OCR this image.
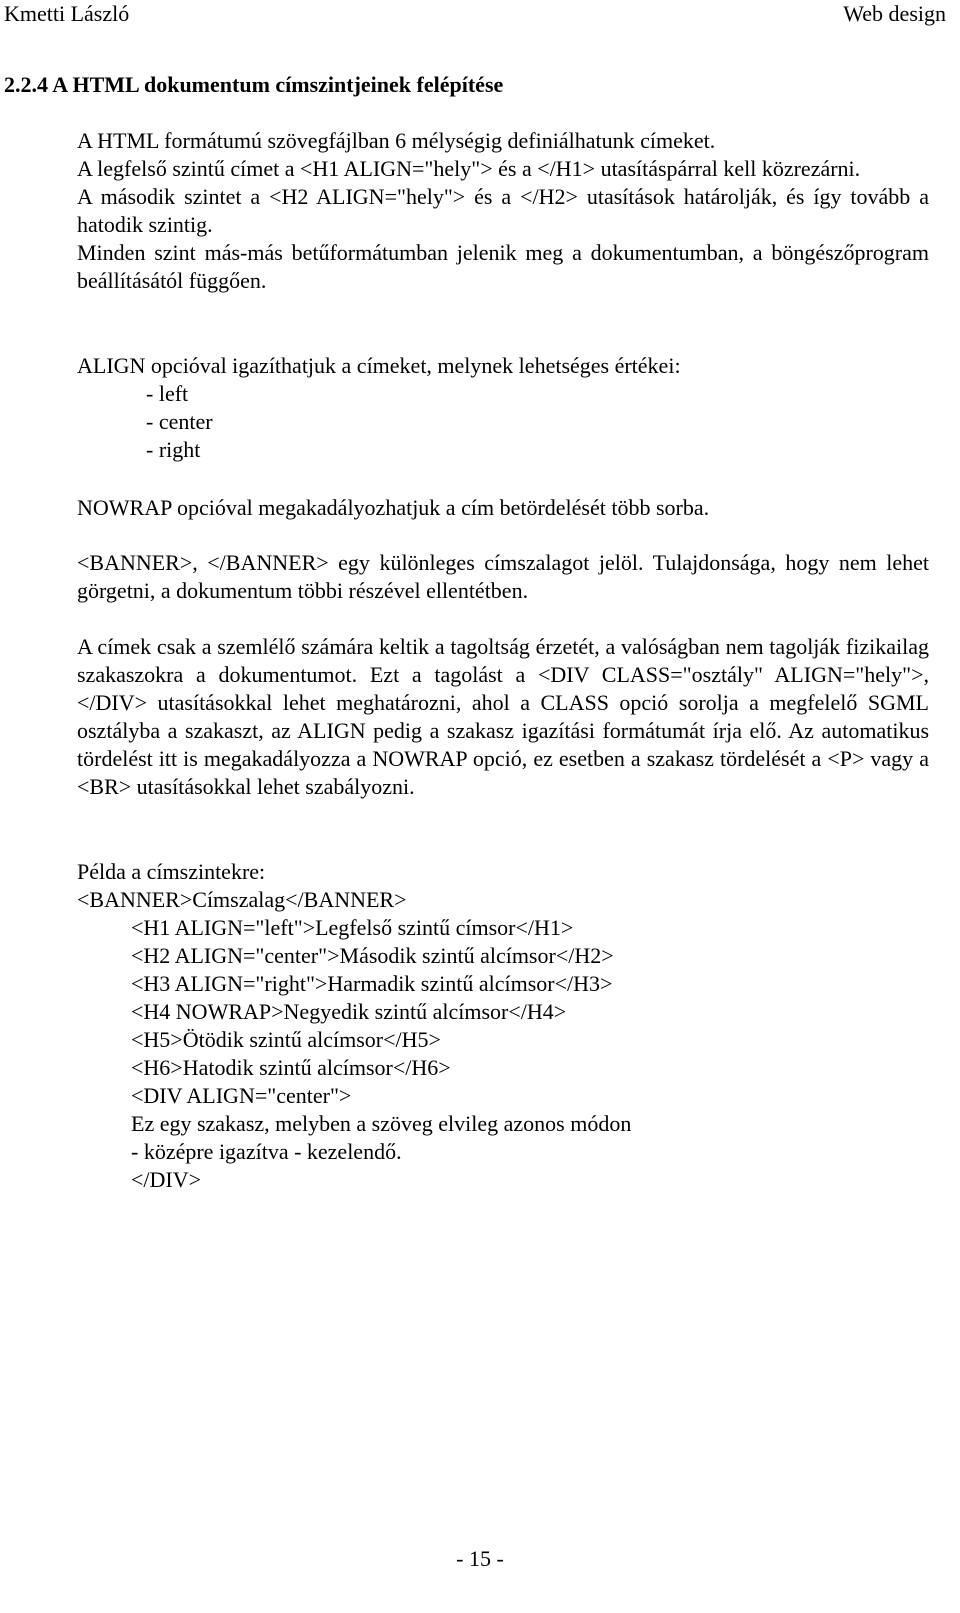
Kmetti László	Web design
2.2.4 A HTML dokumentum címszintjeinek felépítése

A HTML formátumú szövegfájlban 6 mélységig definiálhatunk címeket.

A legfelső szintű címet a <H1 ALIGN="hely"> és a </H1> utasításpárral kell közrezárni.

A második szintet a <H2 ALIGN="hely"> és a </H2> utasítások határolják, és így tovább a hatodik szintig.

Minden szint más-más betűformátumban jelenik meg a dokumentumban, a böngészőprogram beállításától függően.

ALIGN opcióval igazíthatjuk a címeket, melynek lehetséges értékei:

- left
- center
- right
NOWRAP opcióval megakadályozhatjuk a cím betördelését több sorba.
<BANNER>, </BANNER> egy különleges címszalagot jelöl. Tulajdonsága, hogy nem lehet görgetni, a dokumentum többi részével ellentétben.
A címek csak a szemlélő számára keltik a tagoltság érzetét, a valóságban nem tagolják fizikailag szakaszokra a dokumentumot. Ezt a tagolást a <DIV CLASS="osztály" ALIGN="hely">, </DIV> utasításokkal lehet meghatározni, ahol a CLASS opció sorolja a megfelelő SGML osztályba a szakaszt, az ALIGN pedig a szakasz igazítási formátumát írja elő. Az automatikus tördelést itt is megakadályozza a NOWRAP opció, ez esetben a szakasz tördelését a <P> vagy a <BR> utasításokkal lehet szabályozni.
Példa a címszintekre:
<BANNER>Címszalag</BANNER>
<H1 ALIGN="left">Legfelső szintű címsor</H1>
<H2 ALIGN="center">Második szintű alcímsor</H2>
<H3 ALIGN="right">Harmadik szintű alcímsor</H3>
<H4 NOWRAP>Negyedik szintű alcímsor</H4>
<H5>Ötödik szintű alcímsor</H5>
<H6>Hatodik szintű alcímsor</H6>
<DIV ALIGN="center">
Ez egy szakasz, melyben a szöveg elvileg azonos módon
- középre igazítva - kezelendő.
</DIV>
- 15 -
